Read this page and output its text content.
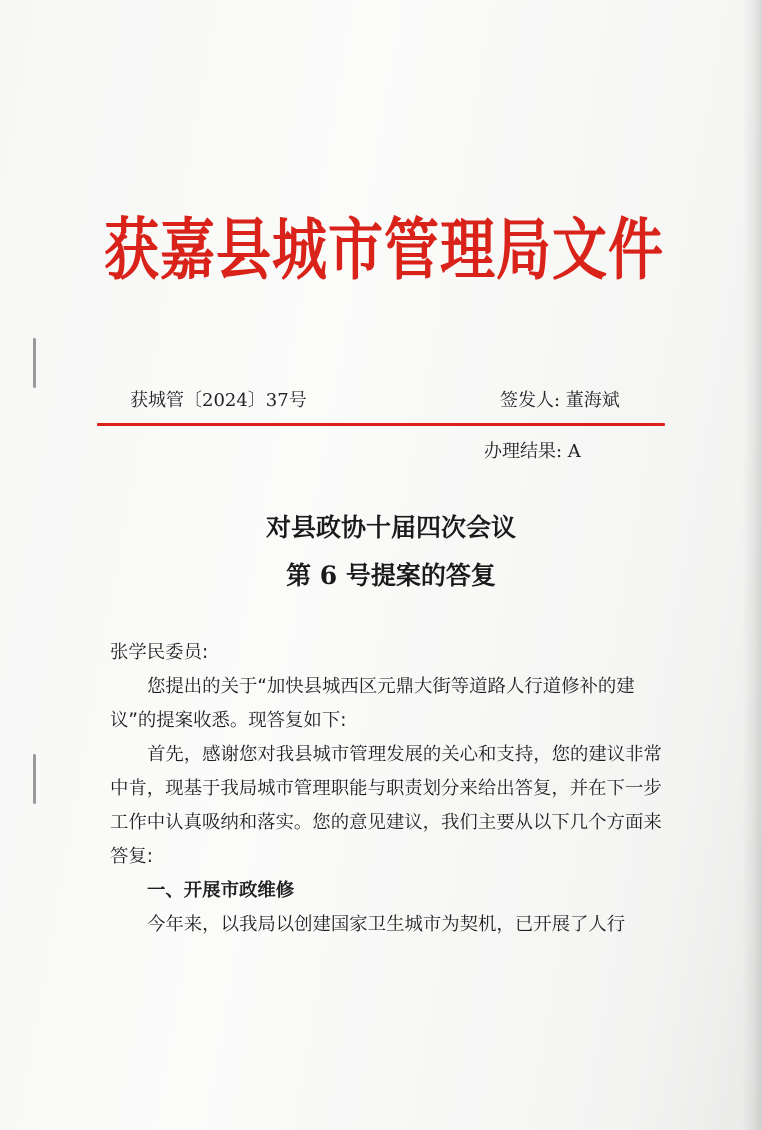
获嘉县城市管理局文件
获城管〔2024〕37号	签发人: 董海斌
办理结果: A
对县政协十届四次会议
第 6 号提案的答复

张学民委员:

您提出的关于“加快县城西区元鼎大街等道路人行道修补的建议”的提案收悉。现答复如下:

首先，感谢您对我县城市管理发展的关心和支持，您的建议非常中肯，现基于我局城市管理职能与职责划分来给出答复，并在下一步工作中认真吸纳和落实。您的意见建议，我们主要从以下几个方面来答复:

一、开展市政维修

今年来，以我局以创建国家卫生城市为契机，已开展了人行
